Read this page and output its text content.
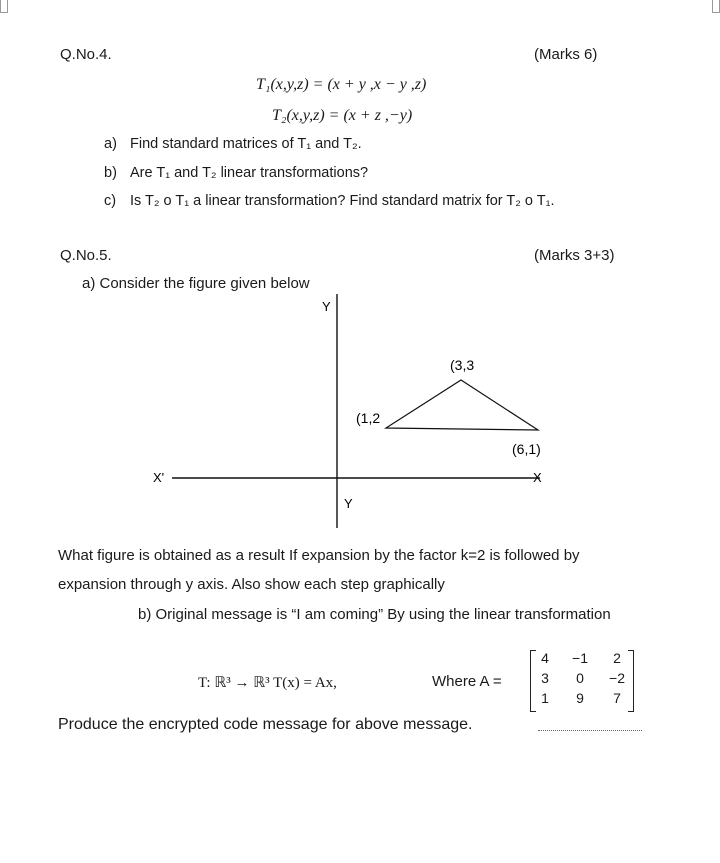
Q.No.4.	(Marks 6)
T₁(x,y,z) = (x + y ,x − y ,z)
T₂(x,y,z) = (x + z ,−y)
a) Find standard matrices of T₁ and T₂.
b) Are T₁ and T₂ linear transformations?
c) Is T₂ o T₁ a linear transformation? Find standard matrix for T₂ o T₁.
Q.No.5.	(Marks 3+3)
a) Consider the figure given below
Y
Y
X'	X
(3,3
(1,2
(6,1)
What figure is obtained as a result If expansion by the factor k=2 is followed by
expansion through y axis. Also show each step graphically
b) Original message is “I am coming” By using the linear transformation
T: ℝ³ → ℝ³ T(x) = Ax,	Where A =
4	−1	2
3	0	−2
1	9	7
Produce the encrypted code message for above message.
